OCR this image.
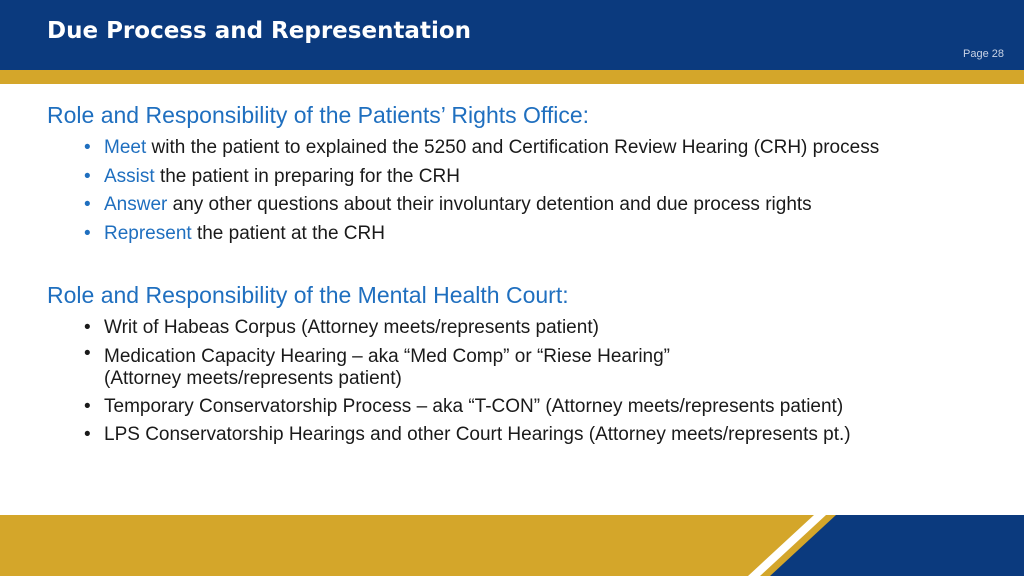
Due Process and Representation
Page 28
Role and Responsibility of the Patients’ Rights Office:
• Meet with the patient to explained the 5250 and Certification Review Hearing (CRH) process
• Assist the patient in preparing for the CRH
• Answer any other questions about their involuntary detention and due process rights
• Represent the patient at the CRH
Role and Responsibility of the Mental Health Court:
• Writ of Habeas Corpus (Attorney meets/represents patient)
• Medication Capacity Hearing – aka “Med Comp” or “Riese Hearing”
(Attorney meets/represents patient)
• Temporary Conservatorship Process – aka “T-CON” (Attorney meets/represents patient)
• LPS Conservatorship Hearings and other Court Hearings (Attorney meets/represents pt.)
